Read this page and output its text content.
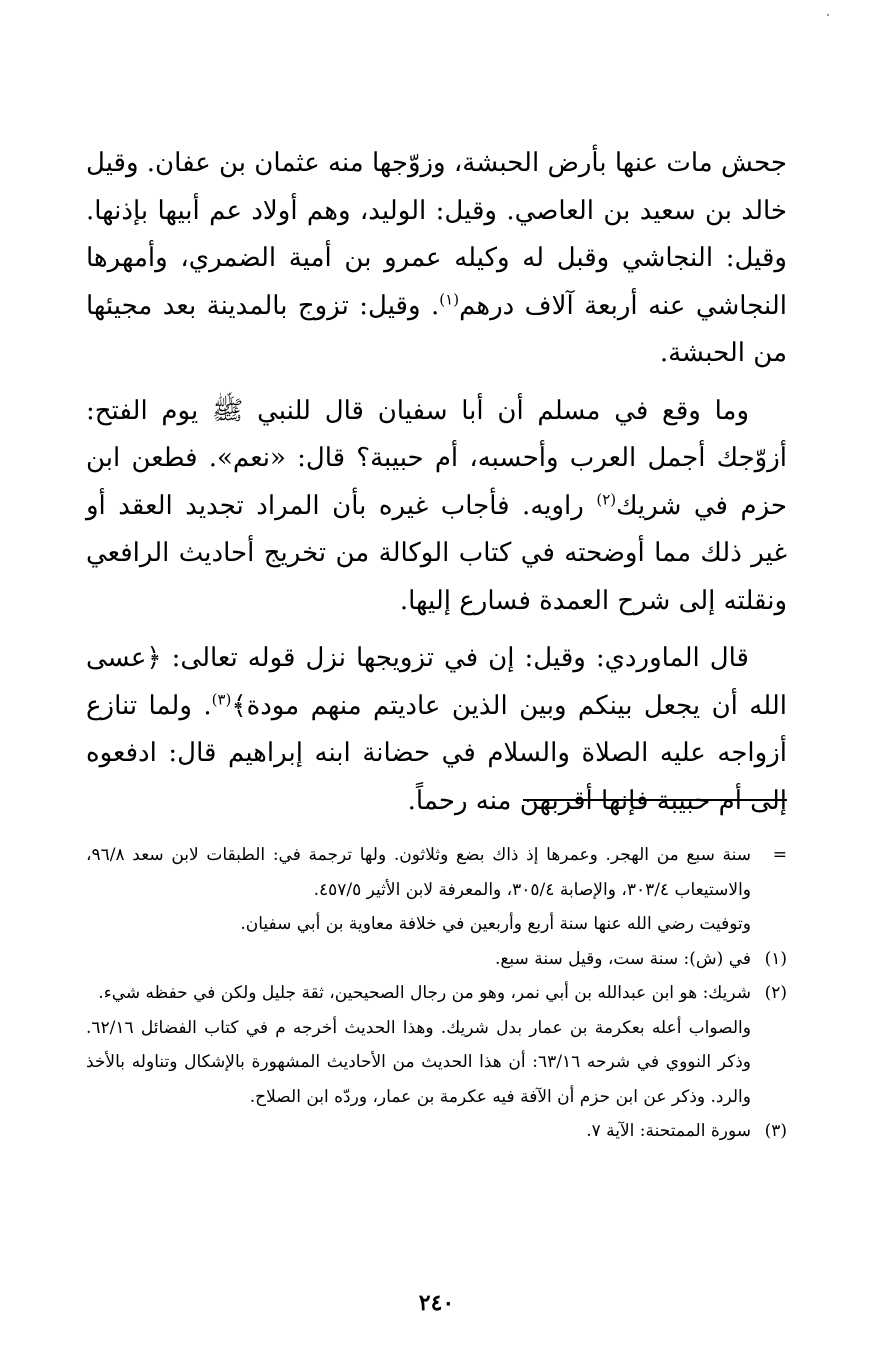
جحش مات عنها بأرض الحبشة، وزوّجها منه عثمان بن عفان. وقيل خالد بن سعيد بن العاصي. وقيل: الوليد، وهم أولاد عم أبيها بإذنها. وقيل: النجاشي وقبل له وكيله عمرو بن أمية الضمري، وأمهرها النجاشي عنه أربعة آلاف درهم$^{(١)}$. وقيل: تزوج بالمدينة بعد مجيئها من الحبشة.

وما وقع في مسلم أن أبا سفيان قال للنبي ﷺ يوم الفتح: أزوّجك أجمل العرب وأحسبه، أم حبيبة؟ قال: «نعم». فطعن ابن حزم في شريك$^{(٢)}$ راويه. فأجاب غيره بأن المراد تجديد العقد أو غير ذلك مما أوضحته في كتاب الوكالة من تخريج أحاديث الرافعي ونقلته إلى شرح العمدة فسارع إليها.

قال الماوردي: وقيل: إن في تزويجها نزل قوله تعالى: ﴿عسى الله أن يجعل بينكم وبين الذين عاديتم منهم مودة﴾$^{(٣)}$. ولما تنازع أزواجه عليه الصلاة والسلام في حضانة ابنه إبراهيم قال: ادفعوه إلى أم حبيبة فإنها أقربهن منه رحماً.

=
سنة سبع من الهجر. وعمرها إذ ذاك بضع وثلاثون. ولها ترجمة في: الطبقات لابن سعد ٩٦/٨، والاستيعاب ٣٠٣/٤، والإصابة ٣٠٥/٤، والمعرفة لابن الأثير ٤٥٧/٥.
وتوفيت رضي الله عنها سنة أربع وأربعين في خلافة معاوية بن أبي سفيان.
(١)
في (ش): سنة ست، وقيل سنة سبع.
(٢)
شريك: هو ابن عبدالله بن أبي نمر، وهو من رجال الصحيحين، ثقة جليل ولكن في حفظه شيء.
والصواب أعله بعكرمة بن عمار بدل شريك. وهذا الحديث أخرجه م في كتاب الفضائل ٦٢/١٦. وذكر النووي في شرحه ٦٣/١٦: أن هذا الحديث من الأحاديث المشهورة بالإشكال وتناوله بالأخذ والرد. وذكر عن ابن حزم أن الآفة فيه عكرمة بن عمار، وردّه ابن الصلاح.
(٣)
سورة الممتحنة: الآية ٧.
٢٤٠
